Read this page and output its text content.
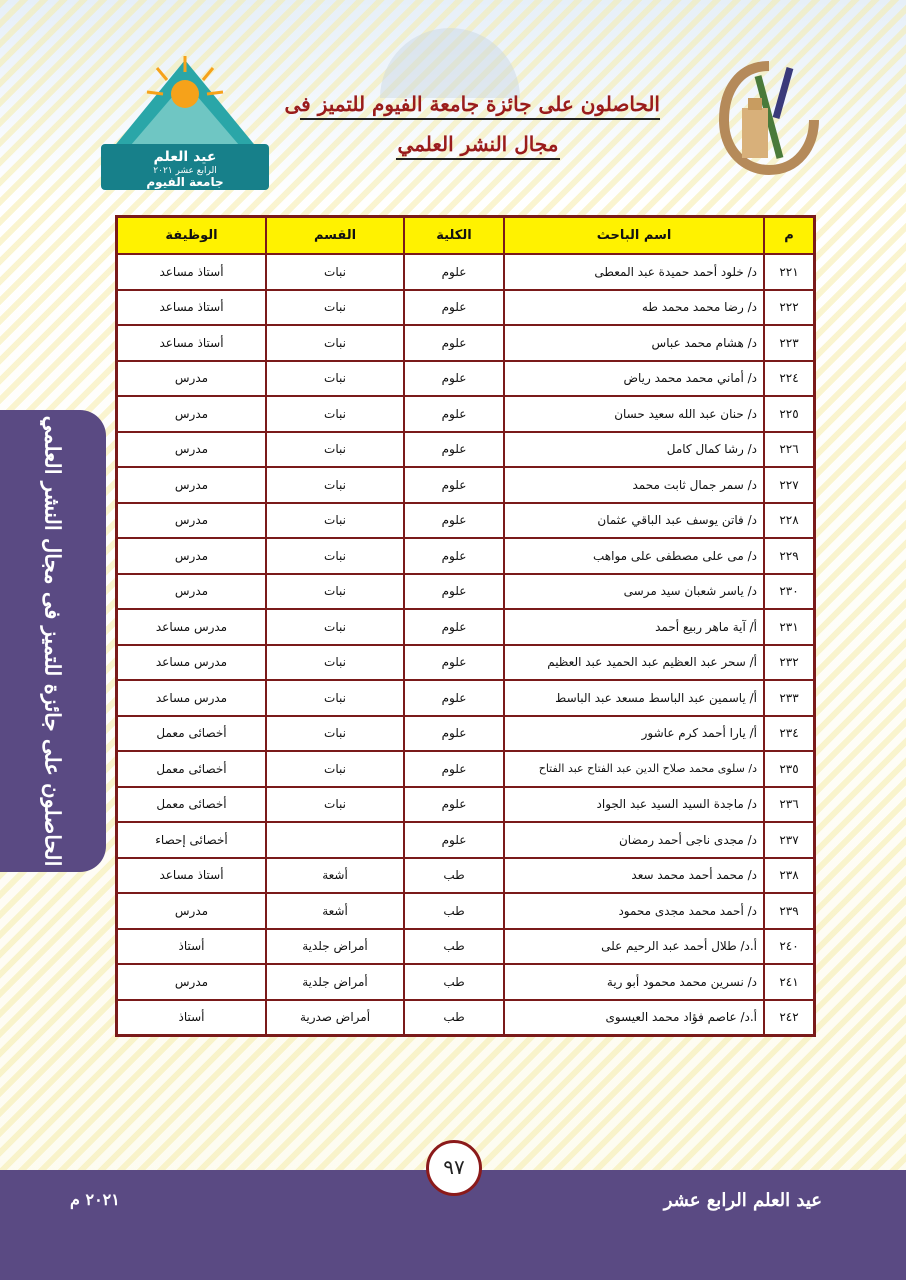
عيد العلم
الرابع عشر ٢٠٢١
جامعة الفيوم
الحاصلون على جائزة جامعة الفيوم للتميز فى
مجال النشر العلمي
الحاصلون على جائزة للتميز فى مجال النشر العلمي
م	اسم الباحث	الكلية	القسم	الوظيفة
٢٢١	د/ خلود أحمد حميدة عبد المعطى	علوم	نبات	أستاذ مساعد
٢٢٢	د/ رضا محمد محمد طه	علوم	نبات	أستاذ مساعد
٢٢٣	د/ هشام محمد عباس	علوم	نبات	أستاذ مساعد
٢٢٤	د/ أماني محمد محمد رياض	علوم	نبات	مدرس
٢٢٥	د/ حنان عبد الله سعيد حسان	علوم	نبات	مدرس
٢٢٦	د/ رشا كمال كامل	علوم	نبات	مدرس
٢٢٧	د/ سمر جمال ثابت محمد	علوم	نبات	مدرس
٢٢٨	د/ فاتن يوسف عبد الباقي عثمان	علوم	نبات	مدرس
٢٢٩	د/ مى على مصطفى على مواهب	علوم	نبات	مدرس
٢٣٠	د/ ياسر شعبان سيد مرسى	علوم	نبات	مدرس
٢٣١	أ/ آية ماهر ربيع أحمد	علوم	نبات	مدرس مساعد
٢٣٢	أ/ سحر عبد العظيم عبد الحميد عبد العظيم	علوم	نبات	مدرس مساعد
٢٣٣	أ/ ياسمين عبد الباسط مسعد عبد الباسط	علوم	نبات	مدرس مساعد
٢٣٤	أ/ يارا أحمد كرم عاشور	علوم	نبات	أخصائى معمل
٢٣٥	د/ سلوى محمد صلاح الدين عبد الفتاح عبد الفتاح	علوم	نبات	أخصائى معمل
٢٣٦	د/ ماجدة السيد السيد عبد الجواد	علوم	نبات	أخصائى معمل
٢٣٧	د/ مجدى ناجى أحمد رمضان	علوم		أخصائى إحصاء
٢٣٨	د/ محمد أحمد محمد سعد	طب	أشعة	أستاذ مساعد
٢٣٩	د/ أحمد محمد مجدى محمود	طب	أشعة	مدرس
٢٤٠	أ.د/ طلال أحمد عبد الرحيم على	طب	أمراض جلدية	أستاذ
٢٤١	د/ نسرين محمد محمود أبو رية	طب	أمراض جلدية	مدرس
٢٤٢	أ.د/ عاصم فؤاد محمد العيسوى	طب	أمراض صدرية	أستاذ
٩٧
عيد العلم الرابع عشر
٢٠٢١ م
